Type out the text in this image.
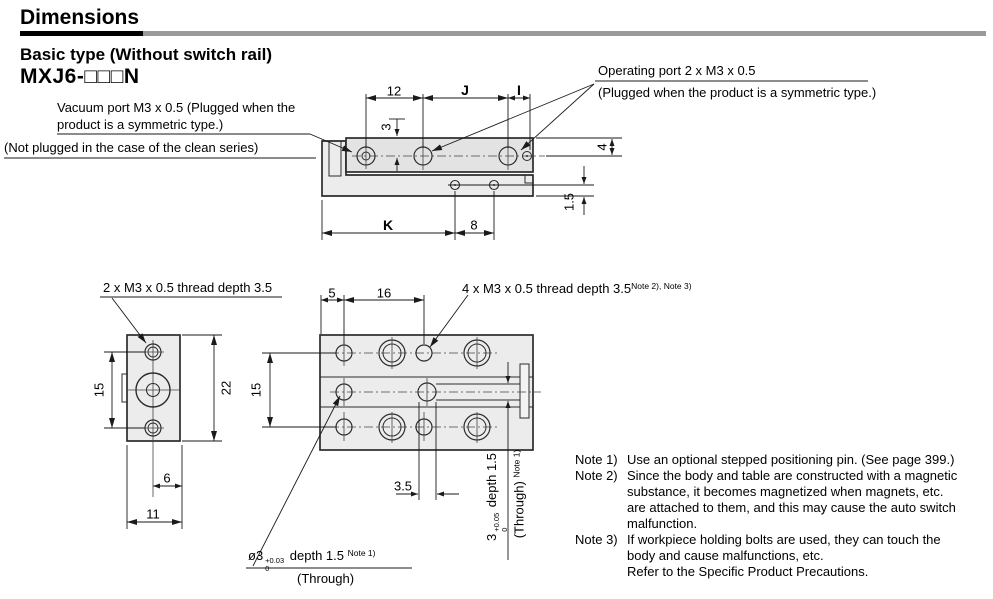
Dimensions
Basic type (Without switch rail)
MXJ6-□□□N
Vacuum port M3 x 0.5 (Plugged when the
product is a symmetric type.)
(Not plugged in the case of the clean series)
Operating port 2 x M3 x 0.5
(Plugged when the product is a symmetric type.)
2 x M3 x 0.5 thread depth 3.5	4 x M3 x 0.5 thread depth $3.5^{Note 2), Note 3)}$
12	J	I
3
4
1.5
K	8
15	22
6
11
5	16
15
3.5
3
+0.05
0
depth 1.5 (Through) $^{Note 1)}$
ø3 +0.03
0
depth 1.5 $^{Note 1)}$
(Through)
Note 1) Use an optional stepped positioning pin. (See page 399.)
Note 2) Since the body and table are constructed with a magnetic
substance, it becomes magnetized when magnets, etc.
are attached to them, and this may cause the auto switch
malfunction.
Note 3) If workpiece holding bolts are used, they can touch the
body and cause malfunctions, etc.
Refer to the Specific Product Precautions.
